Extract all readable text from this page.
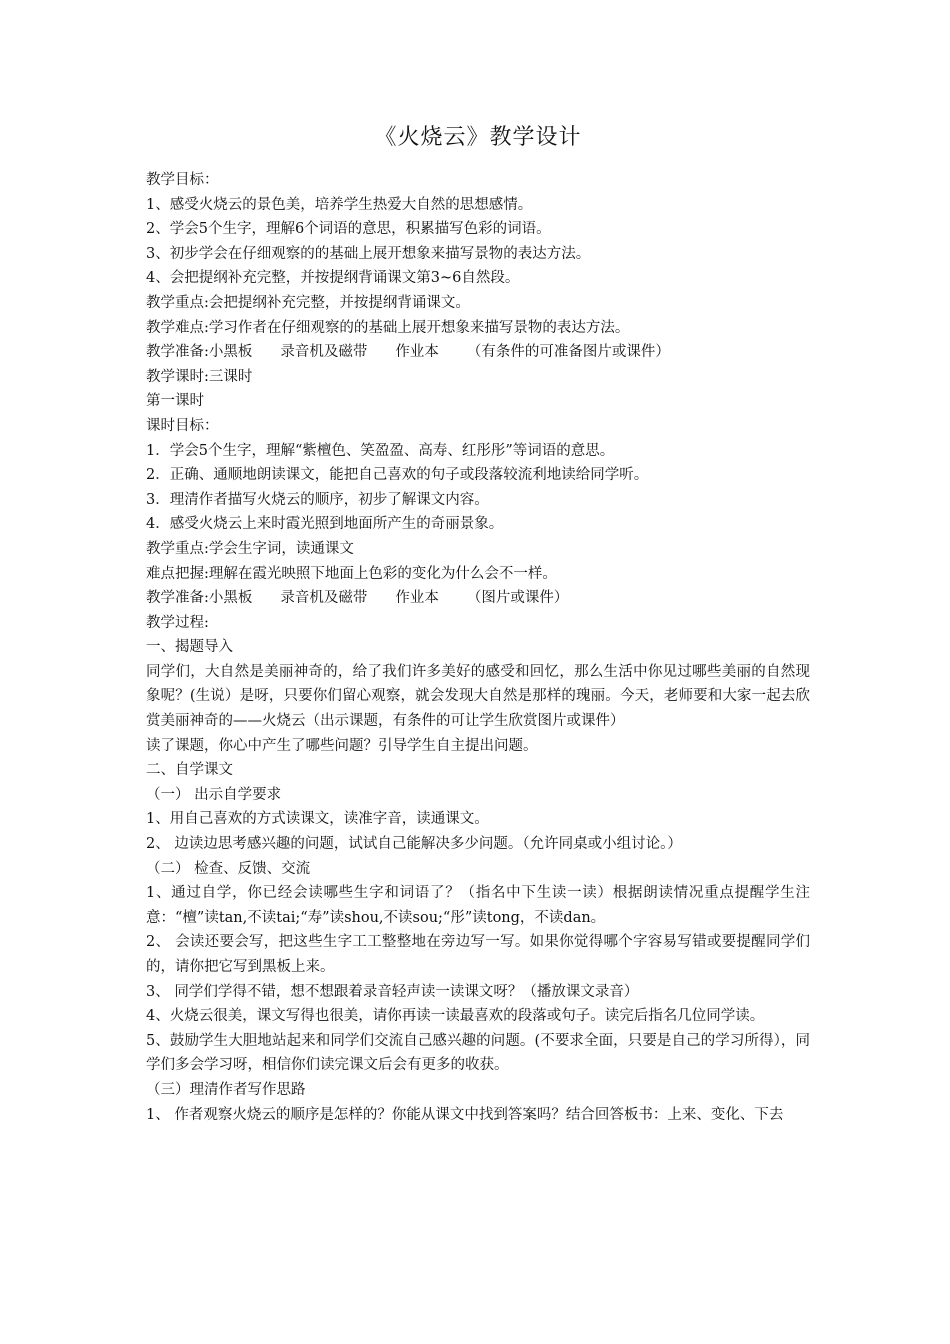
《火烧云》教学设计
教学目标：
1、感受火烧云的景色美，培养学生热爱大自然的思想感情。
2、学会5个生字，理解6个词语的意思，积累描写色彩的词语。
3、初步学会在仔细观察的的基础上展开想象来描写景物的表达方法。
4、会把提纲补充完整，并按提纲背诵课文第3~6自然段。
教学重点:会把提纲补充完整，并按提纲背诵课文。
教学难点:学习作者在仔细观察的的基础上展开想象来描写景物的表达方法。
教学准备:小黑板 录音机及磁带 作业本 （有条件的可准备图片或课件）
教学课时:三课时
第一课时
课时目标：
1．学会5个生字，理解“紫檀色、笑盈盈、高寿、红彤彤”等词语的意思。
2．正确、通顺地朗读课文，能把自己喜欢的句子或段落较流利地读给同学听。
3．理清作者描写火烧云的顺序，初步了解课文内容。
4．感受火烧云上来时霞光照到地面所产生的奇丽景象。
教学重点:学会生字词，读通课文
难点把握:理解在霞光映照下地面上色彩的变化为什么会不一样。
教学准备:小黑板 录音机及磁带 作业本 （图片或课件）
教学过程:
一、揭题导入
同学们，大自然是美丽神奇的，给了我们许多美好的感受和回忆，那么生活中你见过哪些美丽的自然现象呢？(生说）是呀，只要你们留心观察，就会发现大自然是那样的瑰丽。今天，老师要和大家一起去欣赏美丽神奇的——火烧云（出示课题，有条件的可让学生欣赏图片或课件）
读了课题，你心中产生了哪些问题？引导学生自主提出问题。
二、自学课文
（一） 出示自学要求
1、用自己喜欢的方式读课文，读准字音，读通课文。
2、 边读边思考感兴趣的问题，试试自己能解决多少问题。（允许同桌或小组讨论。）
（二） 检查、反馈、交流
1、通过自学，你已经会读哪些生字和词语了？（指名中下生读一读）根据朗读情况重点提醒学生注意：“檀”读tan,不读tai;“寿”读shou,不读sou;“彤”读tong，不读dan。
2、 会读还要会写，把这些生字工工整整地在旁边写一写。如果你觉得哪个字容易写错或要提醒同学们的，请你把它写到黑板上来。
3、 同学们学得不错，想不想跟着录音轻声读一读课文呀？（播放课文录音）
4、火烧云很美，课文写得也很美，请你再读一读最喜欢的段落或句子。读完后指名几位同学读。
5、鼓励学生大胆地站起来和同学们交流自己感兴趣的问题。(不要求全面，只要是自己的学习所得），同学们多会学习呀，相信你们读完课文后会有更多的收获。
（三）理清作者写作思路
1、 作者观察火烧云的顺序是怎样的？你能从课文中找到答案吗？结合回答板书：上来、变化、下去
